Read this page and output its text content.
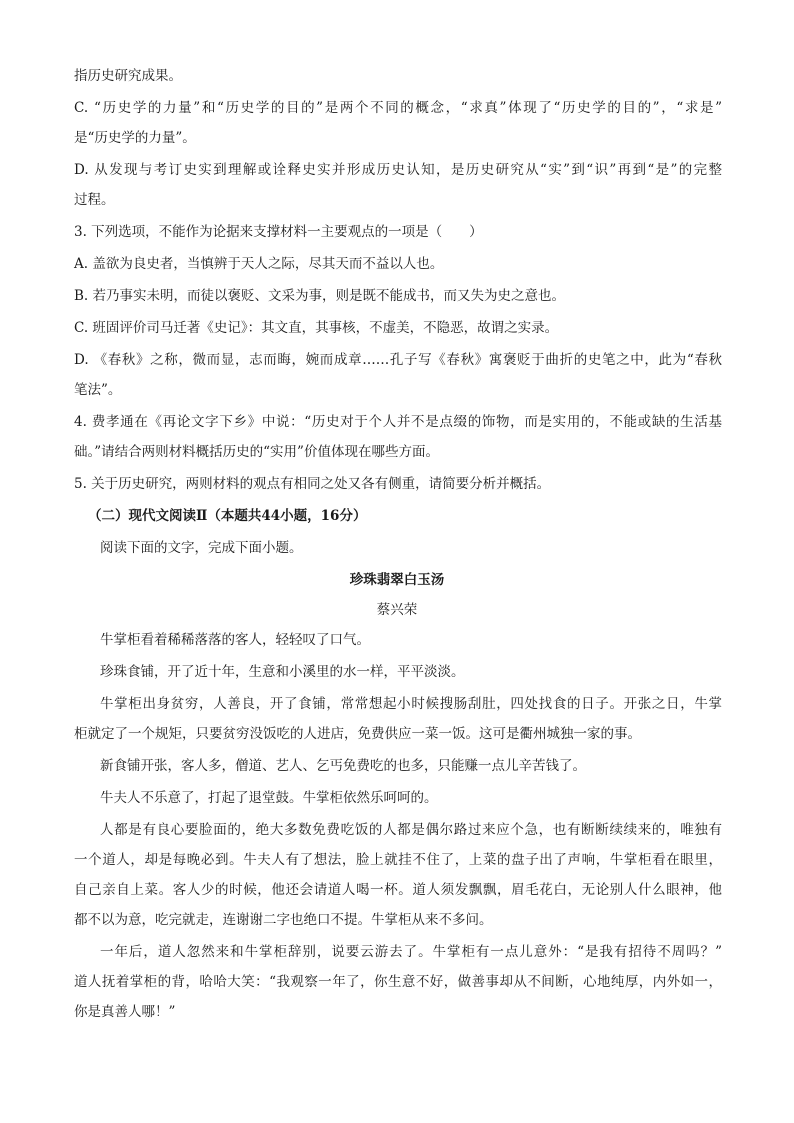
指历史研究成果。
C. “历史学的力量”和“历史学的目的”是两个不同的概念，“求真”体现了“历史学的目的”，“求是”
是“历史学的力量”。
D. 从发现与考订史实到理解或诠释史实并形成历史认知，是历史研究从“实”到“识”再到“是”的完整
过程。
3. 下列选项，不能作为论据来支撑材料一主要观点的一项是（　　）
A. 盖欲为良史者，当慎辨于天人之际，尽其天而不益以人也。
B. 若乃事实未明，而徒以褒贬、文采为事，则是既不能成书，而又失为史之意也。
C. 班固评价司马迁著《史记》：其文直，其事核，不虚美，不隐恶，故谓之实录。
D. 《春秋》之称，微而显，志而晦，婉而成章……孔子写《春秋》寓褒贬于曲折的史笔之中，此为“春秋
笔法”。
4. 费孝通在《再论文字下乡》中说：“历史对于个人并不是点缀的饰物，而是实用的，不能或缺的生活基
础。”请结合两则材料概括历史的“实用”价值体现在哪些方面。
5. 关于历史研究，两则材料的观点有相同之处又各有侧重，请简要分析并概括。
（二）现代文阅读Ⅱ（本题共44小题，16分）
阅读下面的文字，完成下面小题。
珍珠翡翠白玉汤
蔡兴荣
牛掌柜看着稀稀落落的客人，轻轻叹了口气。
珍珠食铺，开了近十年，生意和小溪里的水一样，平平淡淡。
牛掌柜出身贫穷，人善良，开了食铺，常常想起小时候搜肠刮肚，四处找食的日子。开张之日，牛掌
柜就定了一个规矩，只要贫穷没饭吃的人进店，免费供应一菜一饭。这可是衢州城独一家的事。
新食铺开张，客人多，僧道、艺人、乞丐免费吃的也多，只能赚一点儿辛苦钱了。
牛夫人不乐意了，打起了退堂鼓。牛掌柜依然乐呵呵的。
人都是有良心要脸面的，绝大多数免费吃饭的人都是偶尔路过来应个急，也有断断续续来的，唯独有
一个道人，却是每晚必到。牛夫人有了想法，脸上就挂不住了，上菜的盘子出了声响，牛掌柜看在眼里，
自己亲自上菜。客人少的时候，他还会请道人喝一杯。道人须发飘飘，眉毛花白，无论别人什么眼神，他
都不以为意，吃完就走，连谢谢二字也绝口不提。牛掌柜从来不多问。
一年后，道人忽然来和牛掌柜辞别，说要云游去了。牛掌柜有一点儿意外：“是我有招待不周吗？”
道人抚着掌柜的背，哈哈大笑：“我观察一年了，你生意不好，做善事却从不间断，心地纯厚，内外如一，
你是真善人哪！”
